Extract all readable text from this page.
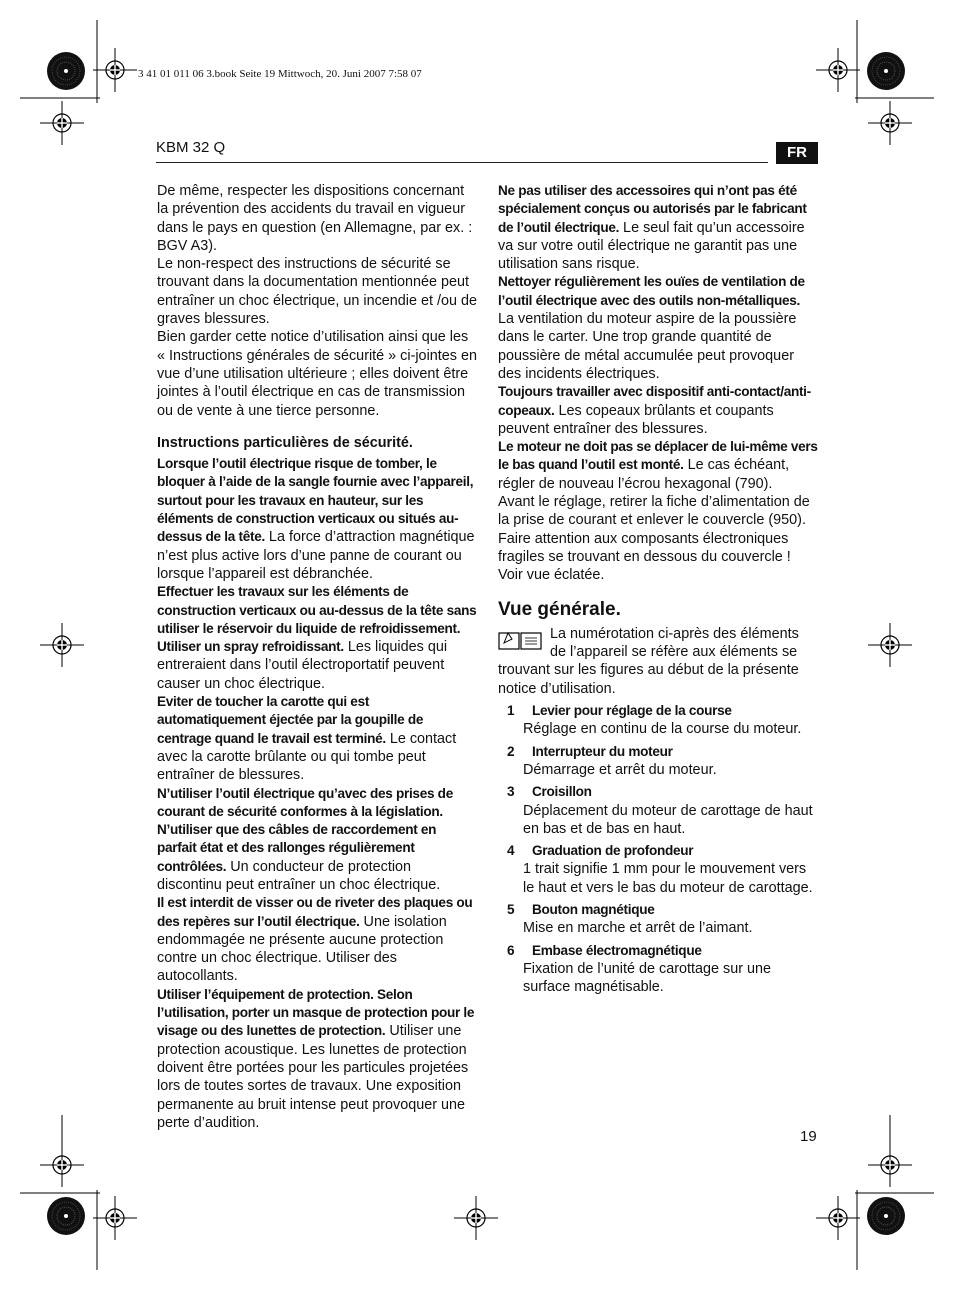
3 41 01 011 06 3.book Seite 19 Mittwoch, 20. Juni 2007 7:58 07
KBM 32 Q	FR

De même, respecter les dispositions concernant la prévention des accidents du travail en vigueur dans le pays en question (en Allemagne, par ex. : BGV A3).

Le non-respect des instructions de sécurité se trouvant dans la documentation mentionnée peut entraîner un choc électrique, un incendie et /ou de graves blessures.

Bien garder cette notice d’utilisation ainsi que les « Instructions générales de sécurité » ci-jointes en vue d’une utilisation ultérieure ; elles doivent être jointes à l’outil électrique en cas de transmission ou de vente à une tierce personne.

Instructions particulières de sécurité.

Lorsque l’outil électrique risque de tomber, le bloquer à l’aide de la sangle fournie avec l’appareil, surtout pour les travaux en hauteur, sur les éléments de construction verticaux ou situés au-dessus de la tête. La force d’attraction magnétique n’est plus active lors d’une panne de courant ou lorsque l’appareil est débranchée.

Effectuer les travaux sur les éléments de construction verticaux ou au-dessus de la tête sans utiliser le réservoir du liquide de refroidissement. Utiliser un spray refroidissant. Les liquides qui entreraient dans l’outil électroportatif peuvent causer un choc électrique.

Eviter de toucher la carotte qui est automatiquement éjectée par la goupille de centrage quand le travail est terminé. Le contact avec la carotte brûlante ou qui tombe peut entraîner de blessures.

N’utiliser l’outil électrique qu’avec des prises de courant de sécurité conformes à la législation. N’utiliser que des câbles de raccordement en parfait état et des rallonges régulièrement contrôlées. Un conducteur de protection discontinu peut entraîner un choc électrique.

Il est interdit de visser ou de riveter des plaques ou des repères sur l’outil électrique. Une isolation endommagée ne présente aucune protection contre un choc électrique. Utiliser des autocollants.

Utiliser l’équipement de protection. Selon l’utilisation, porter un masque de protection pour le visage ou des lunettes de protection. Utiliser une protection acoustique. Les lunettes de protection doivent être portées pour les particules projetées lors de toutes sortes de travaux. Une exposition permanente au bruit intense peut provoquer une perte d’audition.

Ne pas utiliser des accessoires qui n’ont pas été spécialement conçus ou autorisés par le fabricant de l’outil électrique. Le seul fait qu’un accessoire va sur votre outil électrique ne garantit pas une utilisation sans risque.

Nettoyer régulièrement les ouïes de ventilation de l’outil électrique avec des outils non-métalliques. La ventilation du moteur aspire de la poussière dans le carter. Une trop grande quantité de poussière de métal accumulée peut provoquer des incidents électriques.

Toujours travailler avec dispositif anti-contact/anti-copeaux. Les copeaux brûlants et coupants peuvent entraîner des blessures.

Le moteur ne doit pas se déplacer de lui-même vers le bas quand l’outil est monté. Le cas échéant, régler de nouveau l’écrou hexagonal (790).

Avant le réglage, retirer la fiche d’alimentation de la prise de courant et enlever le couvercle (950). Faire attention aux composants électroniques fragiles se trouvant en dessous du couvercle !

Voir vue éclatée.

Vue générale.

La numérotation ci-après des éléments de l’appareil se réfère aux éléments se trouvant sur les figures au début de la présente notice d’utilisation.

1	Levier pour réglage de la course

Réglage en continu de la course du moteur.

2	Interrupteur du moteur

Démarrage et arrêt du moteur.

3	Croisillon

Déplacement du moteur de carottage de haut en bas et de bas en haut.

4	Graduation de profondeur

1 trait signifie 1 mm pour le mouvement vers le haut et vers le bas du moteur de carottage.

5	Bouton magnétique

Mise en marche et arrêt de l’aimant.

6	Embase électromagnétique

Fixation de l’unité de carottage sur une surface magnétisable.

19
